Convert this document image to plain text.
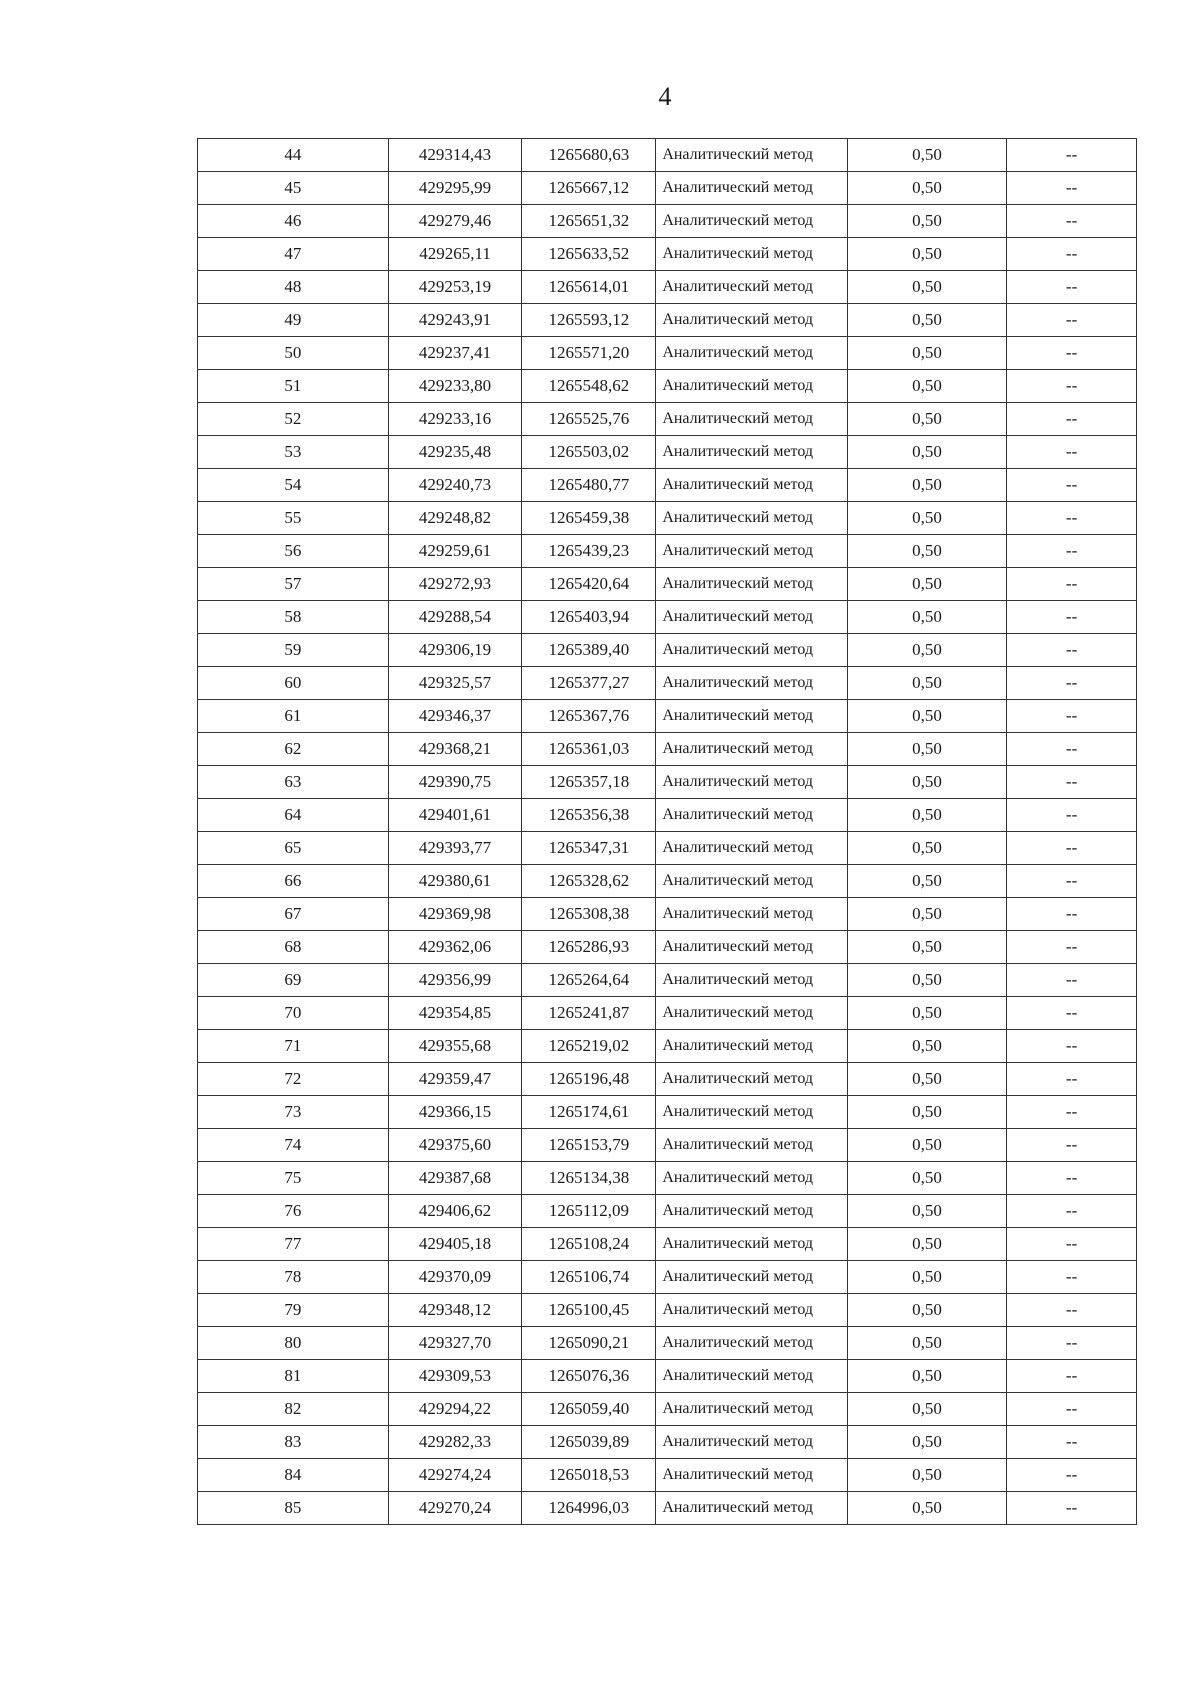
4
44	429314,43	1265680,63	Аналитический метод	0,50	--
45	429295,99	1265667,12	Аналитический метод	0,50	--
46	429279,46	1265651,32	Аналитический метод	0,50	--
47	429265,11	1265633,52	Аналитический метод	0,50	--
48	429253,19	1265614,01	Аналитический метод	0,50	--
49	429243,91	1265593,12	Аналитический метод	0,50	--
50	429237,41	1265571,20	Аналитический метод	0,50	--
51	429233,80	1265548,62	Аналитический метод	0,50	--
52	429233,16	1265525,76	Аналитический метод	0,50	--
53	429235,48	1265503,02	Аналитический метод	0,50	--
54	429240,73	1265480,77	Аналитический метод	0,50	--
55	429248,82	1265459,38	Аналитический метод	0,50	--
56	429259,61	1265439,23	Аналитический метод	0,50	--
57	429272,93	1265420,64	Аналитический метод	0,50	--
58	429288,54	1265403,94	Аналитический метод	0,50	--
59	429306,19	1265389,40	Аналитический метод	0,50	--
60	429325,57	1265377,27	Аналитический метод	0,50	--
61	429346,37	1265367,76	Аналитический метод	0,50	--
62	429368,21	1265361,03	Аналитический метод	0,50	--
63	429390,75	1265357,18	Аналитический метод	0,50	--
64	429401,61	1265356,38	Аналитический метод	0,50	--
65	429393,77	1265347,31	Аналитический метод	0,50	--
66	429380,61	1265328,62	Аналитический метод	0,50	--
67	429369,98	1265308,38	Аналитический метод	0,50	--
68	429362,06	1265286,93	Аналитический метод	0,50	--
69	429356,99	1265264,64	Аналитический метод	0,50	--
70	429354,85	1265241,87	Аналитический метод	0,50	--
71	429355,68	1265219,02	Аналитический метод	0,50	--
72	429359,47	1265196,48	Аналитический метод	0,50	--
73	429366,15	1265174,61	Аналитический метод	0,50	--
74	429375,60	1265153,79	Аналитический метод	0,50	--
75	429387,68	1265134,38	Аналитический метод	0,50	--
76	429406,62	1265112,09	Аналитический метод	0,50	--
77	429405,18	1265108,24	Аналитический метод	0,50	--
78	429370,09	1265106,74	Аналитический метод	0,50	--
79	429348,12	1265100,45	Аналитический метод	0,50	--
80	429327,70	1265090,21	Аналитический метод	0,50	--
81	429309,53	1265076,36	Аналитический метод	0,50	--
82	429294,22	1265059,40	Аналитический метод	0,50	--
83	429282,33	1265039,89	Аналитический метод	0,50	--
84	429274,24	1265018,53	Аналитический метод	0,50	--
85	429270,24	1264996,03	Аналитический метод	0,50	--
